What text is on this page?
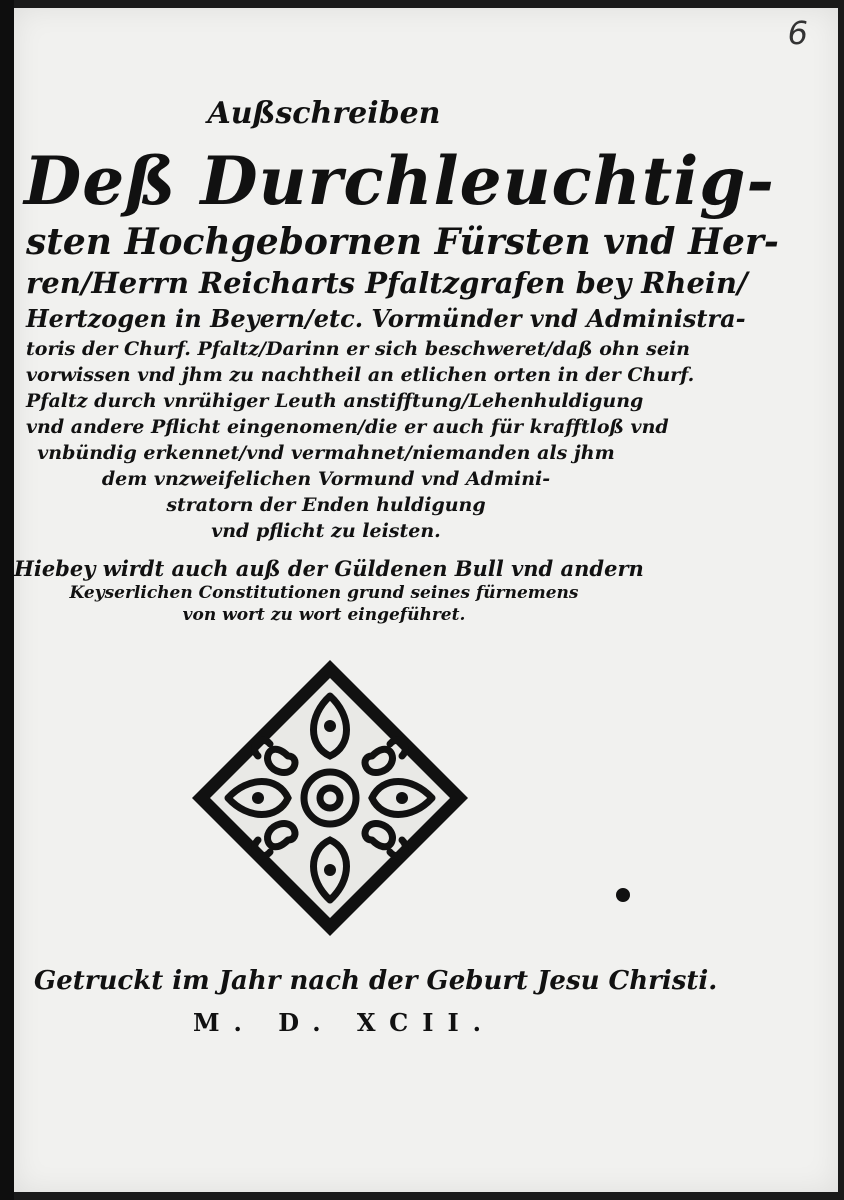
6
Außschreiben
Deß Durchleuchtig-
sten Hochgebornen Fürsten vnd Her-
ren/Herrn Reicharts Pfaltzgrafen bey Rhein/
Hertzogen in Beyern/etc. Vormünder vnd Administra-
toris der Churf. Pfaltz/Darinn er sich beschweret/daß ohn sein
vorwissen vnd jhm zu nachtheil an etlichen orten in der Churf.
Pfaltz durch vnrühiger Leuth anstifftung/Lehenhuldigung
vnd andere Pflicht eingenomen/die er auch für krafftloß vnd
vnbündig erkennet/vnd vermahnet/niemanden als jhm
dem vnzweifelichen Vormund vnd Admini-
stratorn der Enden huldigung
vnd pflicht zu leisten.
Hiebey wirdt auch auß der Güldenen Bull vnd andern
Keyserlichen Constitutionen grund seines fürnemens
von wort zu wort eingeführet.
Getruckt im Jahr nach der Geburt Jesu Christi.
M. D. XCII.
